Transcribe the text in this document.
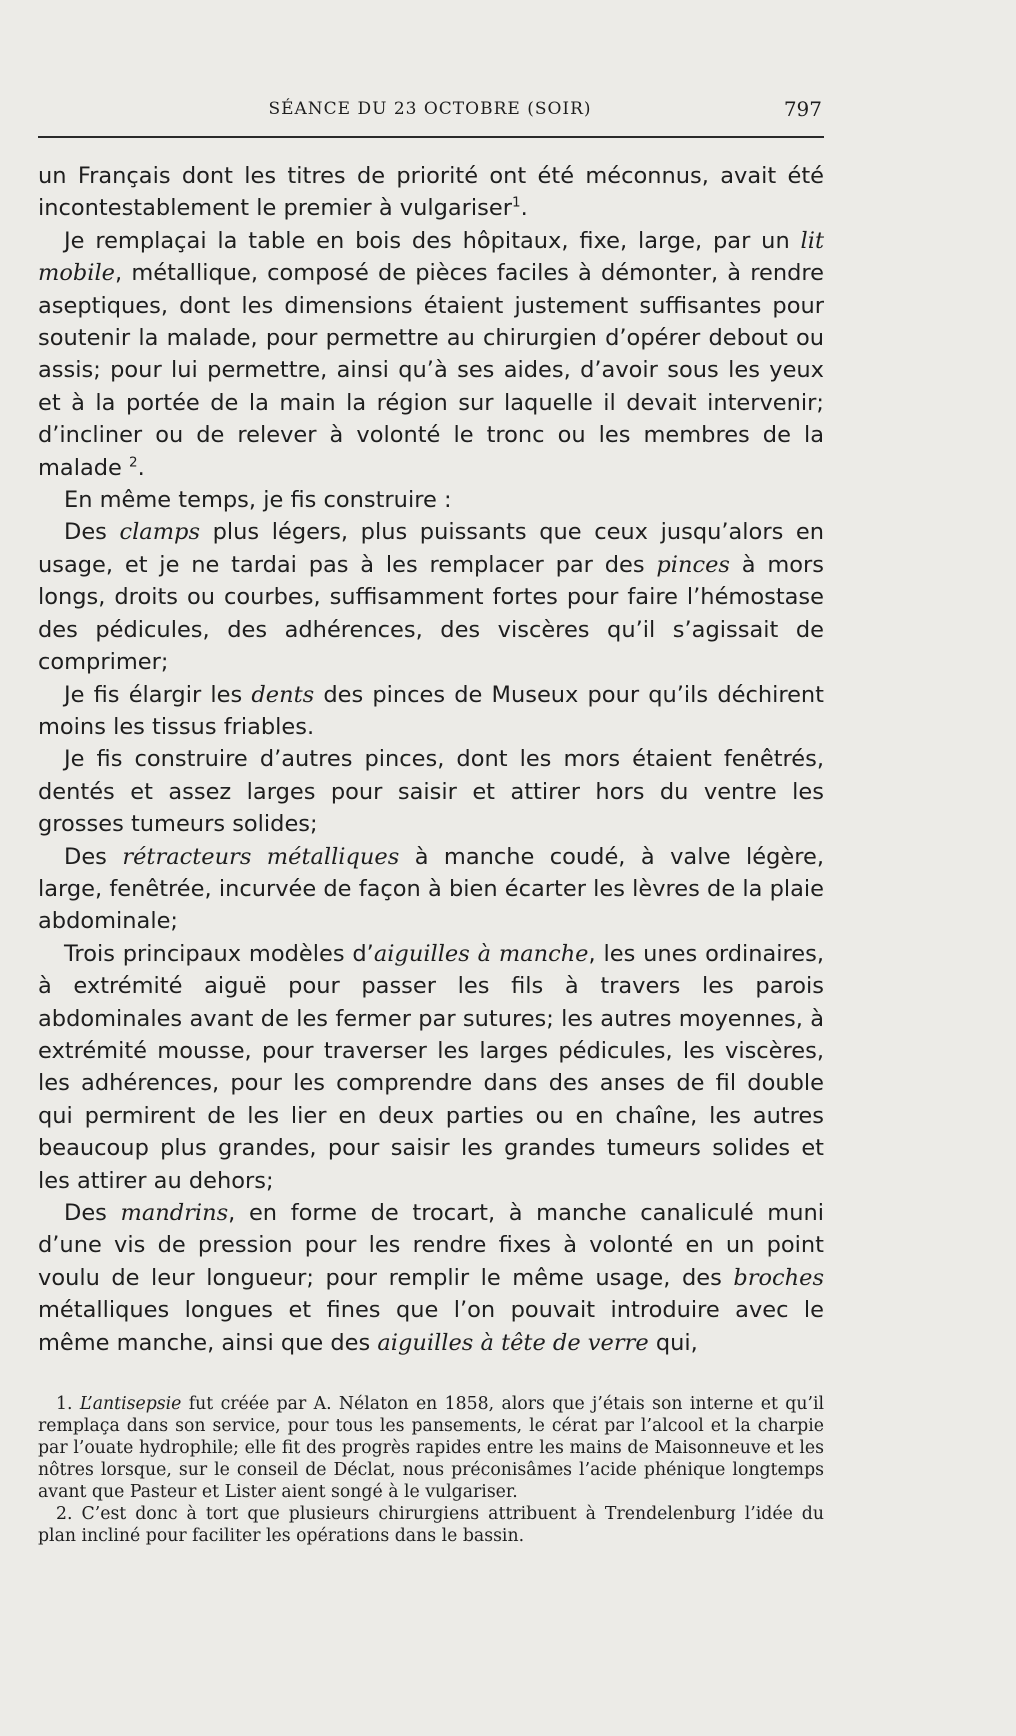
SÉANCE DU 23 OCTOBRE (SOIR)	797

un Français dont les titres de priorité ont été méconnus, avait été incontestablement le premier à vulgariser$^1$.

Je remplaçai la table en bois des hôpitaux, fixe, large, par un lit mobile, métallique, composé de pièces faciles à démonter, à rendre aseptiques, dont les dimensions étaient justement suffisantes pour soutenir la malade, pour permettre au chirurgien d’opérer debout ou assis; pour lui permettre, ainsi qu’à ses aides, d’avoir sous les yeux et à la portée de la main la région sur laquelle il devait intervenir; d’incliner ou de relever à volonté le tronc ou les membres de la malade $^2$.

En même temps, je fis construire :

Des clamps plus légers, plus puissants que ceux jusqu’alors en usage, et je ne tardai pas à les remplacer par des pinces à mors longs, droits ou courbes, suffisamment fortes pour faire l’hémostase des pédicules, des adhérences, des viscères qu’il s’agissait de comprimer;

Je fis élargir les dents des pinces de Museux pour qu’ils déchirent moins les tissus friables.

Je fis construire d’autres pinces, dont les mors étaient fenêtrés, dentés et assez larges pour saisir et attirer hors du ventre les grosses tumeurs solides;

Des rétracteurs métalliques à manche coudé, à valve légère, large, fenêtrée, incurvée de façon à bien écarter les lèvres de la plaie abdominale;

Trois principaux modèles d’aiguilles à manche, les unes ordinaires, à extrémité aiguë pour passer les fils à travers les parois abdominales avant de les fermer par sutures; les autres moyennes, à extrémité mousse, pour traverser les larges pédicules, les viscères, les adhérences, pour les comprendre dans des anses de fil double qui permirent de les lier en deux parties ou en chaîne, les autres beaucoup plus grandes, pour saisir les grandes tumeurs solides et les attirer au dehors;

Des mandrins, en forme de trocart, à manche canaliculé muni d’une vis de pression pour les rendre fixes à volonté en un point voulu de leur longueur; pour remplir le même usage, des broches métalliques longues et fines que l’on pouvait introduire avec le même manche, ainsi que des aiguilles à tête de verre qui,

1. L’antisepsie fut créée par A. Nélaton en 1858, alors que j’étais son interne et qu’il remplaça dans son service, pour tous les pansements, le cérat par l’alcool et la charpie par l’ouate hydrophile; elle fit des progrès rapides entre les mains de Maisonneuve et les nôtres lorsque, sur le conseil de Déclat, nous préconisâmes l’acide phénique longtemps avant que Pasteur et Lister aient songé à le vulgariser.

2. C’est donc à tort que plusieurs chirurgiens attribuent à Trendelenburg l’idée du plan incliné pour faciliter les opérations dans le bassin.
